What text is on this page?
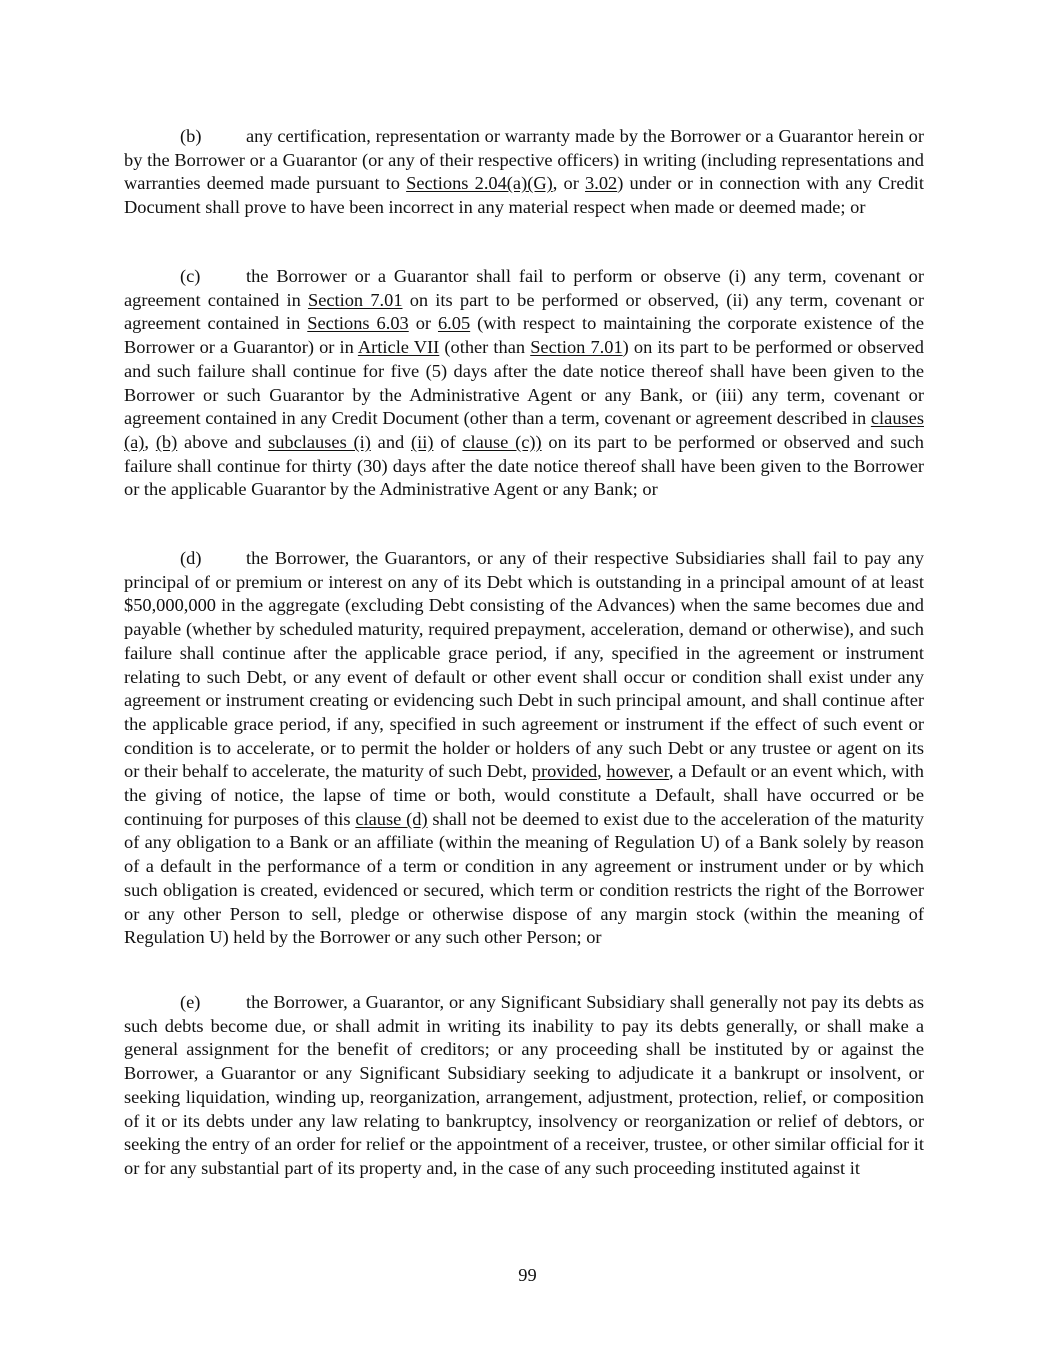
(b) any certification, representation or warranty made by the Borrower or a Guarantor herein or by the Borrower or a Guarantor (or any of their respective officers) in writing (including representations and warranties deemed made pursuant to Sections 2.04(a)(G), or 3.02) under or in connection with any Credit Document shall prove to have been incorrect in any material respect when made or deemed made; or

(c) the Borrower or a Guarantor shall fail to perform or observe (i) any term, covenant or agreement contained in Section 7.01 on its part to be performed or observed, (ii) any term, covenant or agreement contained in Sections 6.03 or 6.05 (with respect to maintaining the corporate existence of the Borrower or a Guarantor) or in Article VII (other than Section 7.01) on its part to be performed or observed and such failure shall continue for five (5) days after the date notice thereof shall have been given to the Borrower or such Guarantor by the Administrative Agent or any Bank, or (iii) any term, covenant or agreement contained in any Credit Document (other than a term, covenant or agreement described in clauses (a), (b) above and subclauses (i) and (ii) of clause (c)) on its part to be performed or observed and such failure shall continue for thirty (30) days after the date notice thereof shall have been given to the Borrower or the applicable Guarantor by the Administrative Agent or any Bank; or

(d) the Borrower, the Guarantors, or any of their respective Subsidiaries shall fail to pay any principal of or premium or interest on any of its Debt which is outstanding in a principal amount of at least $50,000,000 in the aggregate (excluding Debt consisting of the Advances) when the same becomes due and payable (whether by scheduled maturity, required prepayment, acceleration, demand or otherwise), and such failure shall continue after the applicable grace period, if any, specified in the agreement or instrument relating to such Debt, or any event of default or other event shall occur or condition shall exist under any agreement or instrument creating or evidencing such Debt in such principal amount, and shall continue after the applicable grace period, if any, specified in such agreement or instrument if the effect of such event or condition is to accelerate, or to permit the holder or holders of any such Debt or any trustee or agent on its or their behalf to accelerate, the maturity of such Debt, provided, however, a Default or an event which, with the giving of notice, the lapse of time or both, would constitute a Default, shall have occurred or be continuing for purposes of this clause (d) shall not be deemed to exist due to the acceleration of the maturity of any obligation to a Bank or an affiliate (within the meaning of Regulation U) of a Bank solely by reason of a default in the performance of a term or condition in any agreement or instrument under or by which such obligation is created, evidenced or secured, which term or condition restricts the right of the Borrower or any other Person to sell, pledge or otherwise dispose of any margin stock (within the meaning of Regulation U) held by the Borrower or any such other Person; or

(e) the Borrower, a Guarantor, or any Significant Subsidiary shall generally not pay its debts as such debts become due, or shall admit in writing its inability to pay its debts generally, or shall make a general assignment for the benefit of creditors; or any proceeding shall be instituted by or against the Borrower, a Guarantor or any Significant Subsidiary seeking to adjudicate it a bankrupt or insolvent, or seeking liquidation, winding up, reorganization, arrangement, adjustment, protection, relief, or composition of it or its debts under any law relating to bankruptcy, insolvency or reorganization or relief of debtors, or seeking the entry of an order for relief or the appointment of a receiver, trustee, or other similar official for it or for any substantial part of its property and, in the case of any such proceeding instituted against it

99
